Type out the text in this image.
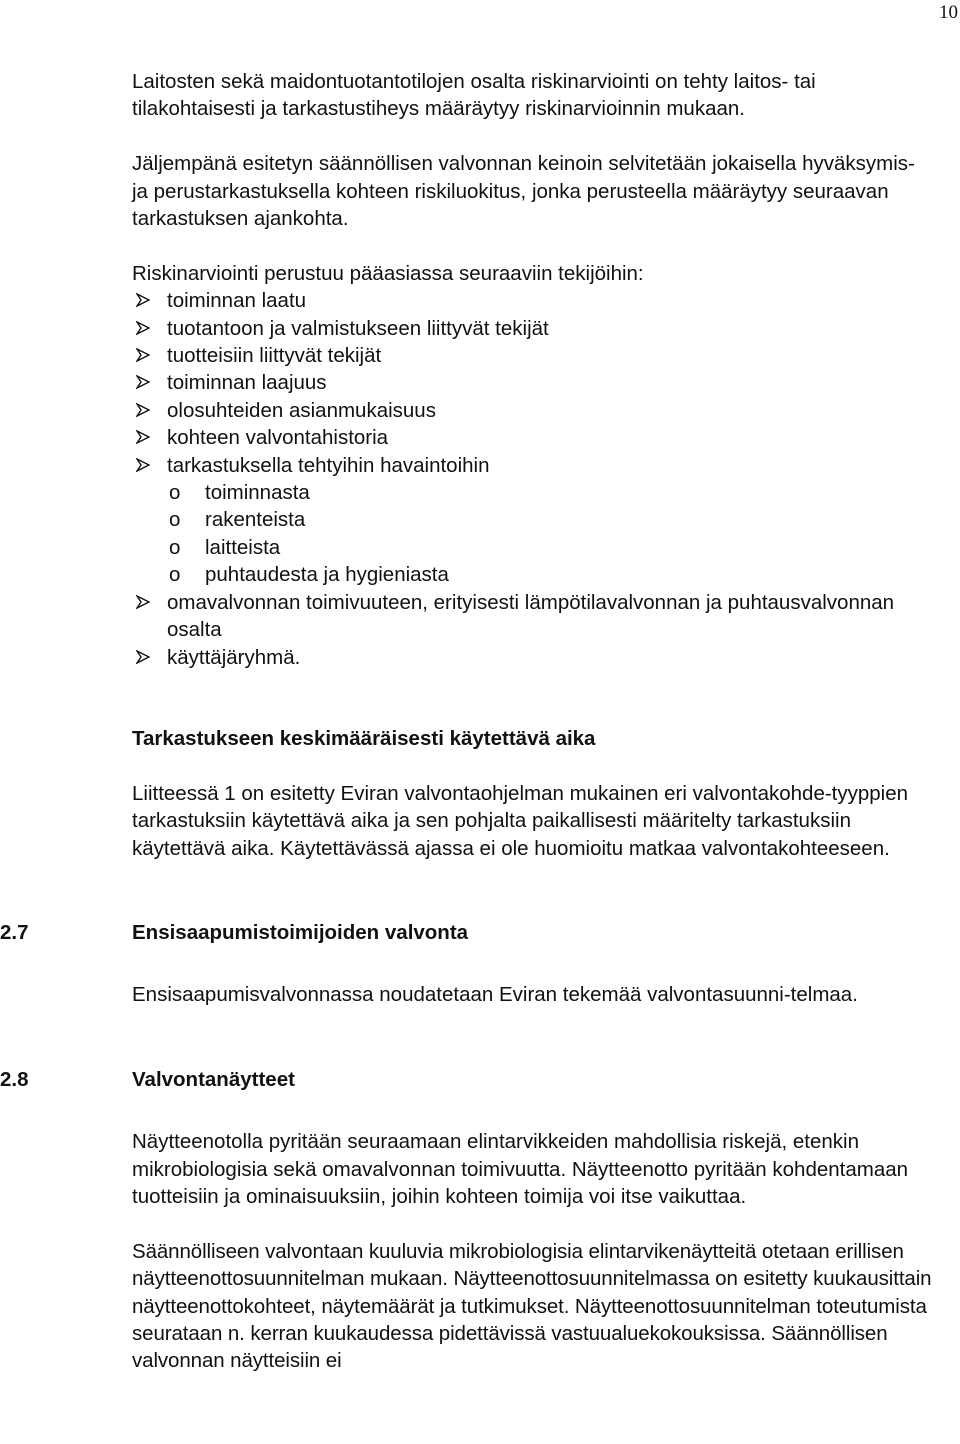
10

Laitosten sekä maidontuotantotilojen osalta riskinarviointi on tehty laitos- tai tilakohtaisesti ja tarkastustiheys määräytyy riskinarvioinnin mukaan.

Jäljempänä esitetyn säännöllisen valvonnan keinoin selvitetään jokaisella hyväksymis- ja perustarkastuksella kohteen riskiluokitus, jonka perusteella määräytyy seuraavan tarkastuksen ajankohta.

Riskinarviointi perustuu pääasiassa seuraaviin tekijöihin:

toiminnan laatu
tuotantoon ja valmistukseen liittyvät tekijät
tuotteisiin liittyvät tekijät
toiminnan laajuus
olosuhteiden asianmukaisuus
kohteen valvontahistoria
tarkastuksella tehtyihin havaintoihin
o toiminnasta
o rakenteista
o laitteista
o puhtaudesta ja hygieniasta
omavalvonnan toimivuuteen, erityisesti lämpötilavalvonnan ja puhtausvalvonnan osalta
käyttäjäryhmä.

Tarkastukseen keskimääräisesti käytettävä aika

Liitteessä 1 on esitetty Eviran valvontaohjelman mukainen eri valvontakohde-tyyppien tarkastuksiin käytettävä aika ja sen pohjalta paikallisesti määritelty tarkastuksiin käytettävä aika. Käytettävässä ajassa ei ole huomioitu matkaa valvontakohteeseen.

2.7	Ensisaapumistoimijoiden valvonta

Ensisaapumisvalvonnassa noudatetaan Eviran tekemää valvontasuunni-telmaa.

2.8	Valvontanäytteet

Näytteenotolla pyritään seuraamaan elintarvikkeiden mahdollisia riskejä, etenkin mikrobiologisia sekä omavalvonnan toimivuutta. Näytteenotto pyritään kohdentamaan tuotteisiin ja ominaisuuksiin, joihin kohteen toimija voi itse vaikuttaa.

Säännölliseen valvontaan kuuluvia mikrobiologisia elintarvikenäytteitä otetaan erillisen näytteenottosuunnitelman mukaan. Näytteenottosuunnitelmassa on esitetty kuukausittain näytteenottokohteet, näytemäärät ja tutkimukset. Näytteenottosuunnitelman toteutumista seurataan n. kerran kuukaudessa pidettävissä vastuualuekokouksissa. Säännöllisen valvonnan näytteisiin ei
